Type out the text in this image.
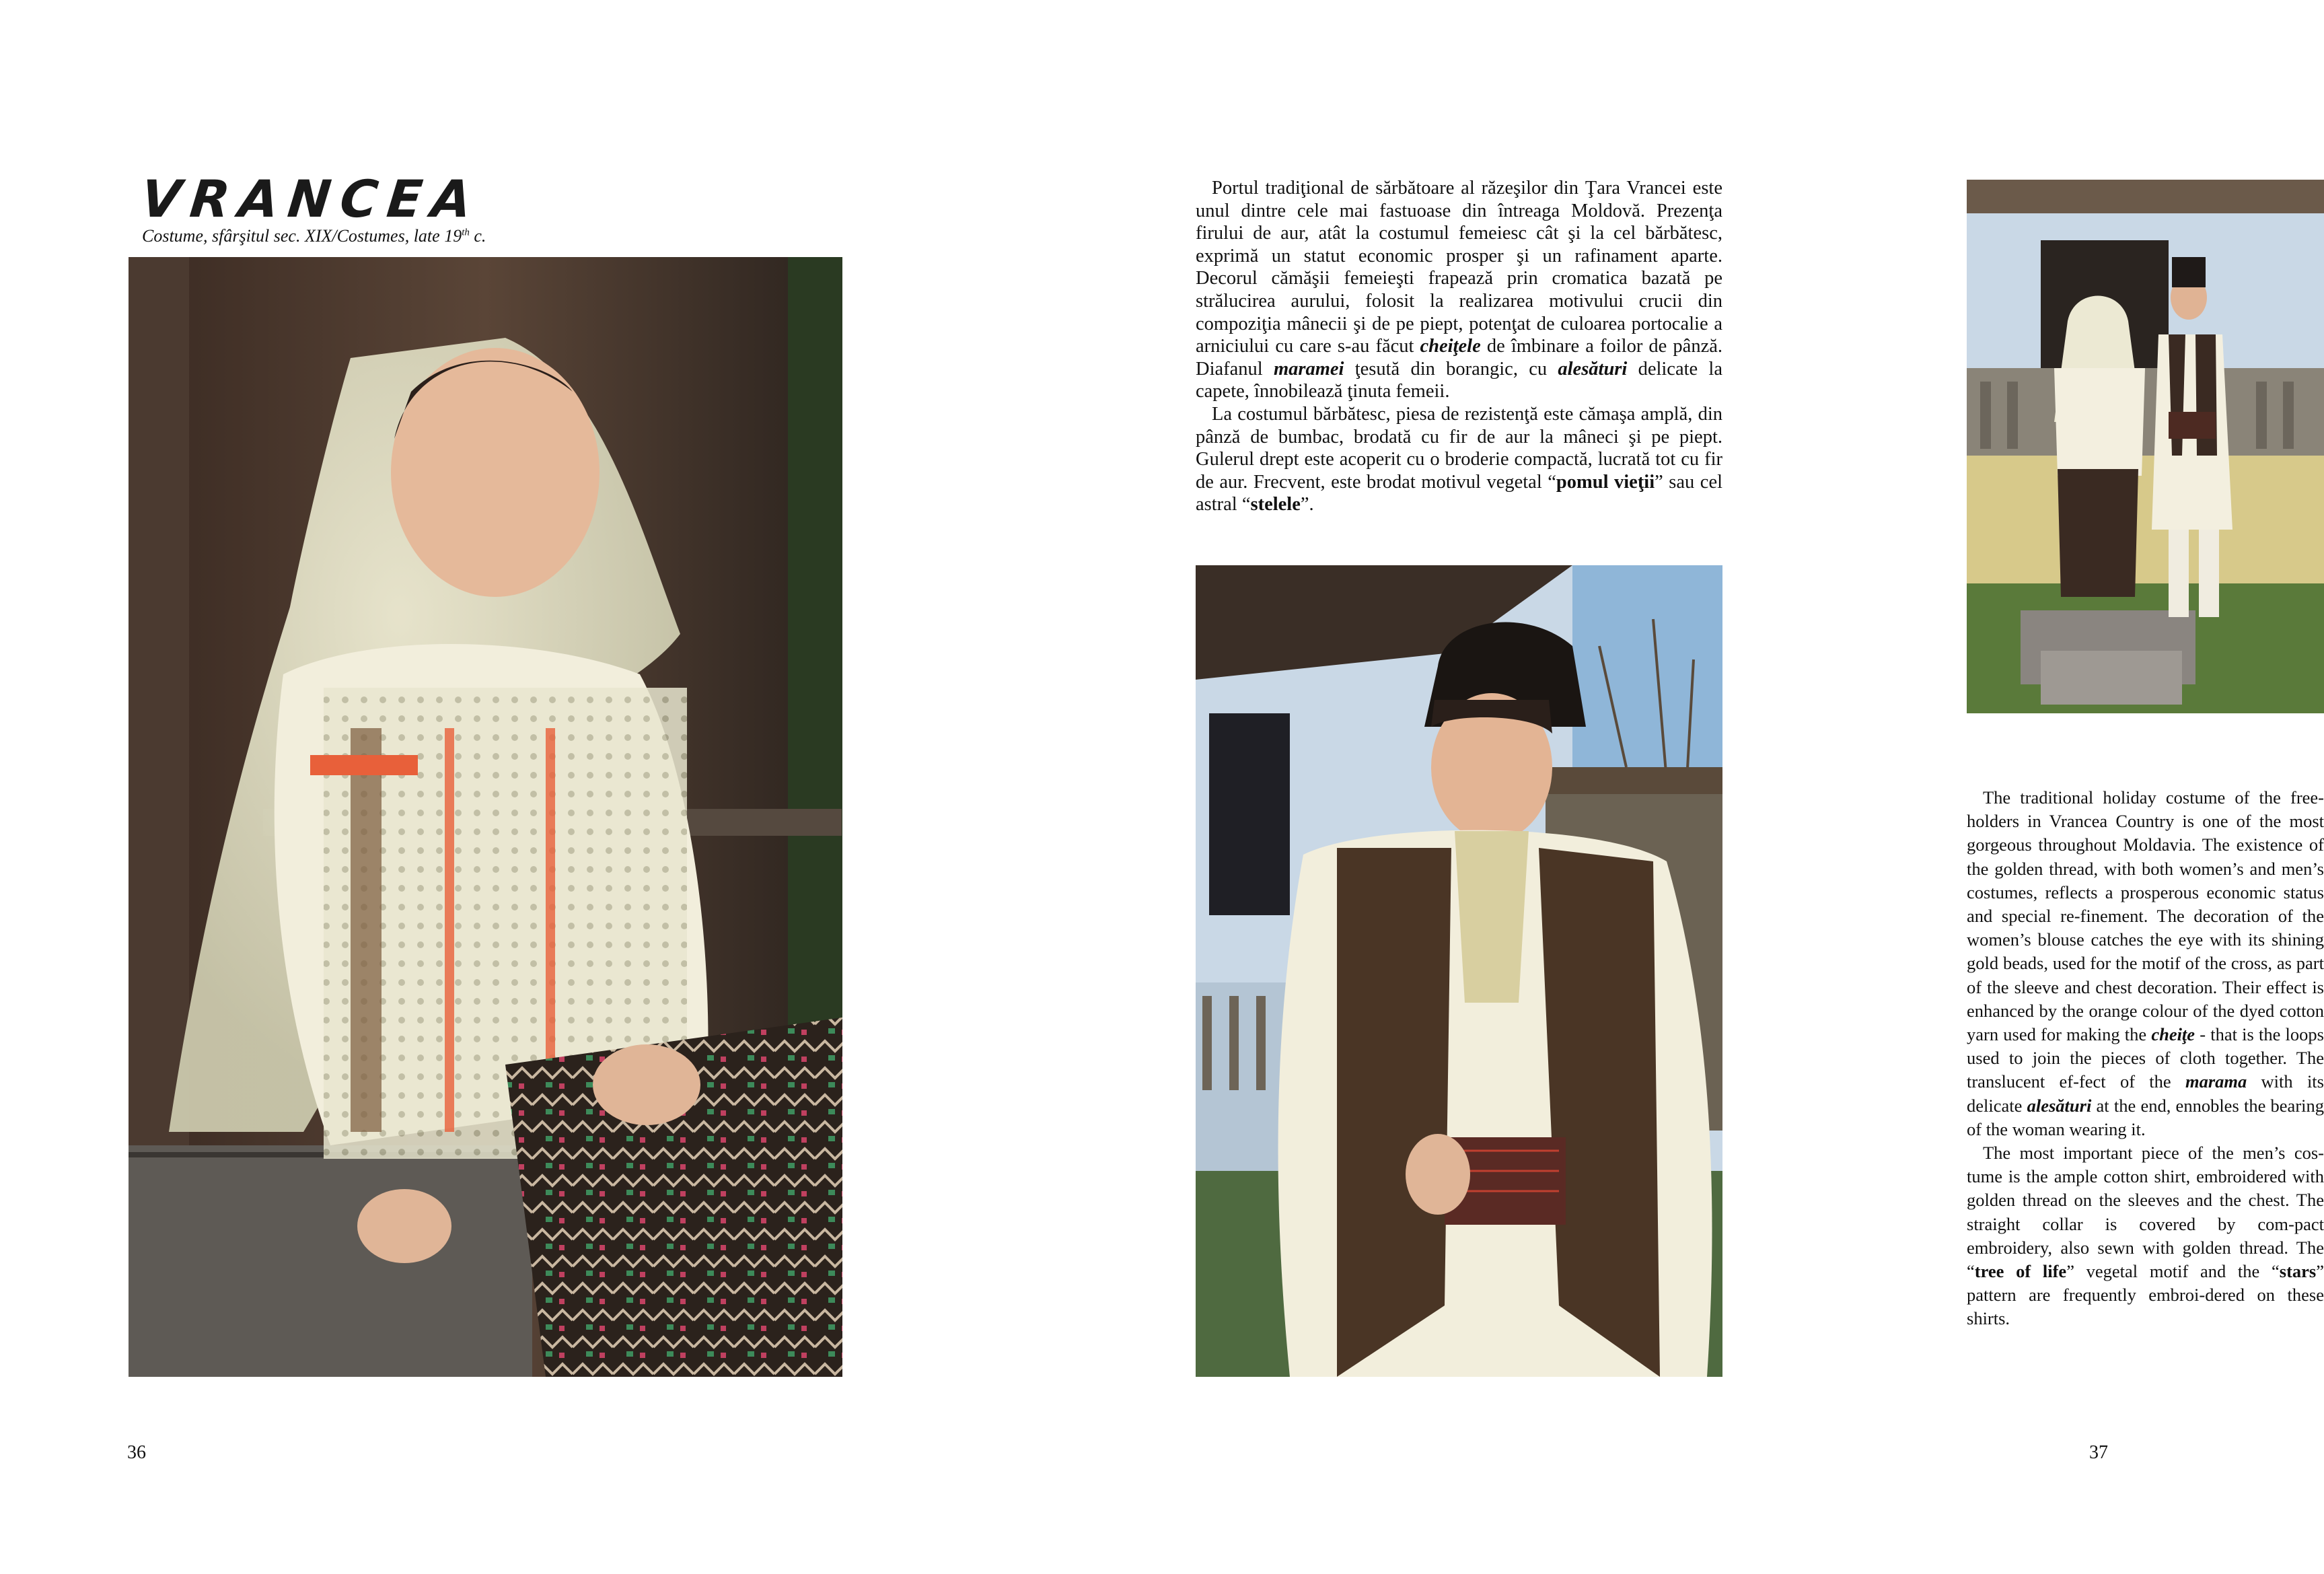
VRANCEA
Costume, sfârşitul sec. XIX/Costumes, late 19th c.
36

Portul tradiţional de sărbătoare al răzeşilor din Ţara Vrancei este unul dintre cele mai fastuoase din întreaga Moldovă. Prezenţa firului de aur, atât la costumul femeiesc cât şi la cel bărbătesc, exprimă un statut economic prosper şi un rafinament aparte. Decorul cămăşii femeieşti frapează prin cromatica bazată pe strălucirea aurului, folosit la realizarea motivului crucii din compoziţia mânecii şi de pe piept, potenţat de culoarea portocalie a arniciului cu care s-au făcut cheiţele de îmbinare a foilor de pânză. Diafanul maramei ţesută din borangic, cu alesături delicate la capete, înnobilează ţinuta femeii.

La costumul bărbătesc, piesa de rezistenţă este cămaşa amplă, din pânză de bumbac, brodată cu fir de aur la mâneci şi pe piept. Gulerul drept este acoperit cu o broderie compactă, lucrată tot cu fir de aur. Frecvent, este brodat motivul vegetal “pomul vieţii” sau cel astral “stelele”.

The traditional holiday costume of the free-holders in Vrancea Country is one of the most gorgeous throughout Moldavia. The existence of the golden thread, with both women’s and men’s costumes, reflects a prosperous economic status and special re-finement. The decoration of the women’s blouse catches the eye with its shining gold beads, used for the motif of the cross, as part of the sleeve and chest decoration. Their effect is enhanced by the orange colour of the dyed cotton yarn used for making the cheiţe - that is the loops used to join the pieces of cloth together. The translucent ef-fect of the marama with its delicate alesături at the end, ennobles the bearing of the woman wearing it.

The most important piece of the men’s cos-tume is the ample cotton shirt, embroidered with golden thread on the sleeves and the chest. The straight collar is covered by com-pact embroidery, also sewn with golden thread. The “tree of life” vegetal motif and the “stars” pattern are frequently embroi-dered on these shirts.

37
